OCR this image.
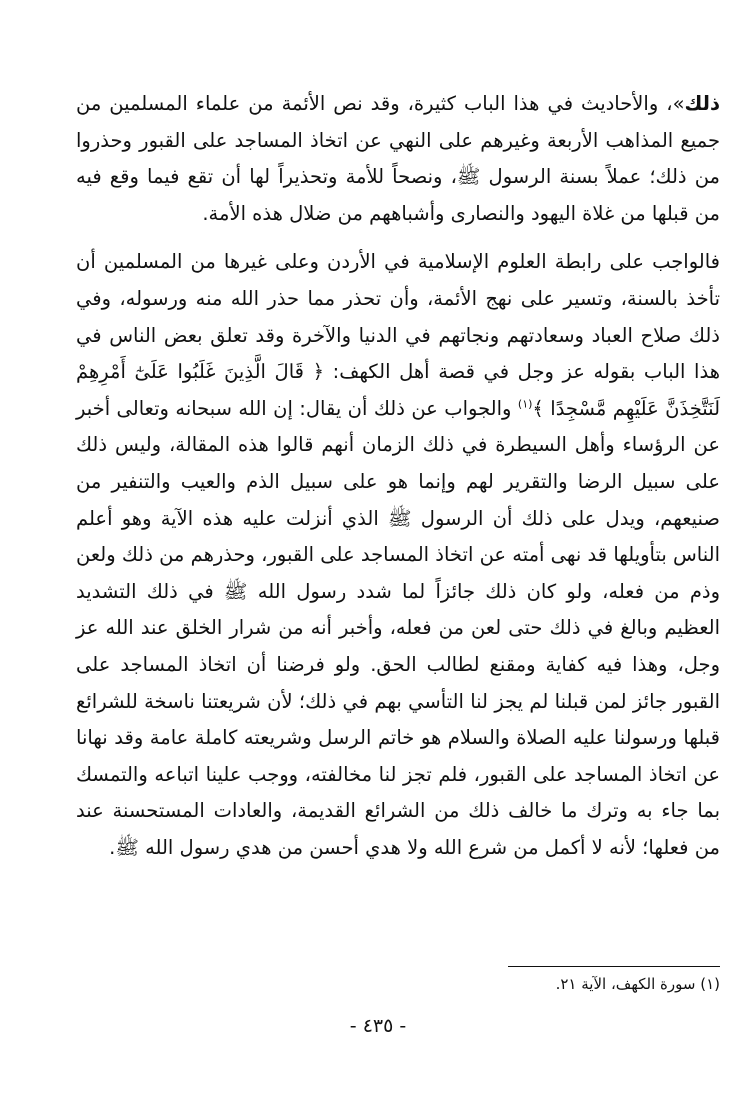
ذلك»، والأحاديث في هذا الباب كثيرة، وقد نص الأئمة من علماء المسلمين من جميع المذاهب الأربعة وغيرهم على النهي عن اتخاذ المساجد على القبور وحذروا من ذلك؛ عملاً بسنة الرسول ﷺ، ونصحاً للأمة وتحذيراً لها أن تقع فيما وقع فيه من قبلها من غلاة اليهود والنصارى وأشباههم من ضلال هذه الأمة.

فالواجب على رابطة العلوم الإسلامية في الأردن وعلى غيرها من المسلمين أن تأخذ بالسنة، وتسير على نهج الأئمة، وأن تحذر مما حذر الله منه ورسوله، وفي ذلك صلاح العباد وسعادتهم ونجاتهم في الدنيا والآخرة وقد تعلق بعض الناس في هذا الباب بقوله عز وجل في قصة أهل الكهف: ﴿ قَالَ الَّذِينَ غَلَبُوا عَلَىٰٓ أَمْرِهِمْ لَنَتَّخِذَنَّ عَلَيْهِم مَّسْجِدًا ﴾$^{(١)}$ والجواب عن ذلك أن يقال: إن الله سبحانه وتعالى أخبر عن الرؤساء وأهل السيطرة في ذلك الزمان أنهم قالوا هذه المقالة، وليس ذلك على سبيل الرضا والتقرير لهم وإنما هو على سبيل الذم والعيب والتنفير من صنيعهم، ويدل على ذلك أن الرسول ﷺ الذي أنزلت عليه هذه الآية وهو أعلم الناس بتأويلها قد نهى أمته عن اتخاذ المساجد على القبور، وحذرهم من ذلك ولعن وذم من فعله، ولو كان ذلك جائزاً لما شدد رسول الله ﷺ في ذلك التشديد العظيم وبالغ في ذلك حتى لعن من فعله، وأخبر أنه من شرار الخلق عند الله عز وجل، وهذا فيه كفاية ومقنع لطالب الحق. ولو فرضنا أن اتخاذ المساجد على القبور جائز لمن قبلنا لم يجز لنا التأسي بهم في ذلك؛ لأن شريعتنا ناسخة للشرائع قبلها ورسولنا عليه الصلاة والسلام هو خاتم الرسل وشريعته كاملة عامة وقد نهانا عن اتخاذ المساجد على القبور، فلم تجز لنا مخالفته، ووجب علينا اتباعه والتمسك بما جاء به وترك ما خالف ذلك من الشرائع القديمة، والعادات المستحسنة عند من فعلها؛ لأنه لا أكمل من شرع الله ولا هدي أحسن من هدي رسول الله ﷺ.

(١) سورة الكهف، الآية ٢١.
- ٤٣٥ -
